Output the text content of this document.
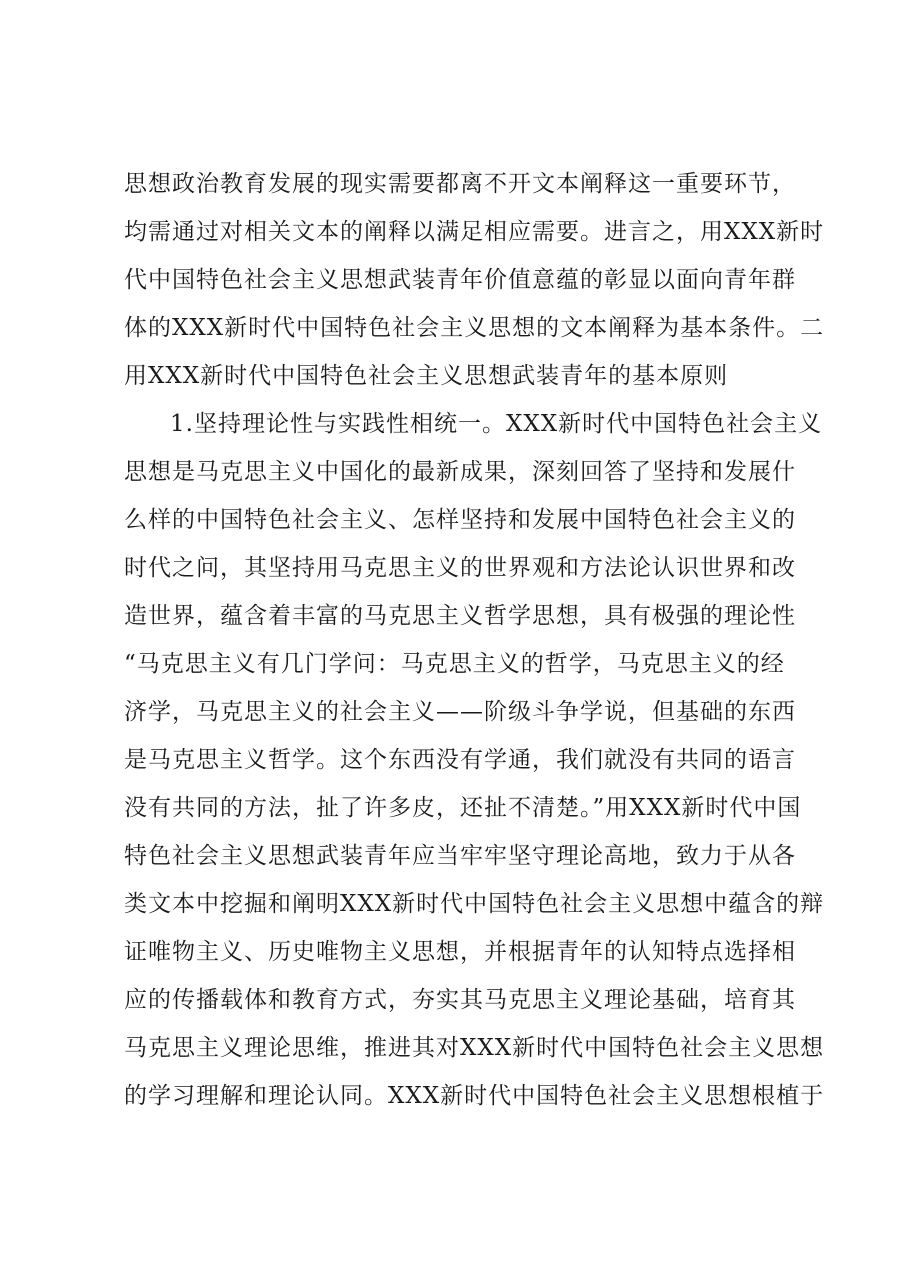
思想政治教育发展的现实需要都离不开文本阐释这一重要环节，
均需通过对相关文本的阐释以满足相应需要。进言之，用XXX新时
代中国特色社会主义思想武装青年价值意蕴的彰显以面向青年群
体的XXX新时代中国特色社会主义思想的文本阐释为基本条件。二
用XXX新时代中国特色社会主义思想武装青年的基本原则
1.坚持理论性与实践性相统一。XXX新时代中国特色社会主义
思想是马克思主义中国化的最新成果，深刻回答了坚持和发展什
么样的中国特色社会主义、怎样坚持和发展中国特色社会主义的
时代之问，其坚持用马克思主义的世界观和方法论认识世界和改
造世界，蕴含着丰富的马克思主义哲学思想，具有极强的理论性
“马克思主义有几门学问：马克思主义的哲学，马克思主义的经
济学，马克思主义的社会主义——阶级斗争学说，但基础的东西
是马克思主义哲学。这个东西没有学通，我们就没有共同的语言
没有共同的方法，扯了许多皮，还扯不清楚。”用XXX新时代中国
特色社会主义思想武装青年应当牢牢坚守理论高地，致力于从各
类文本中挖掘和阐明XXX新时代中国特色社会主义思想中蕴含的辩
证唯物主义、历史唯物主义思想，并根据青年的认知特点选择相
应的传播载体和教育方式，夯实其马克思主义理论基础，培育其
马克思主义理论思维，推进其对XXX新时代中国特色社会主义思想
的学习理解和理论认同。XXX新时代中国特色社会主义思想根植于
